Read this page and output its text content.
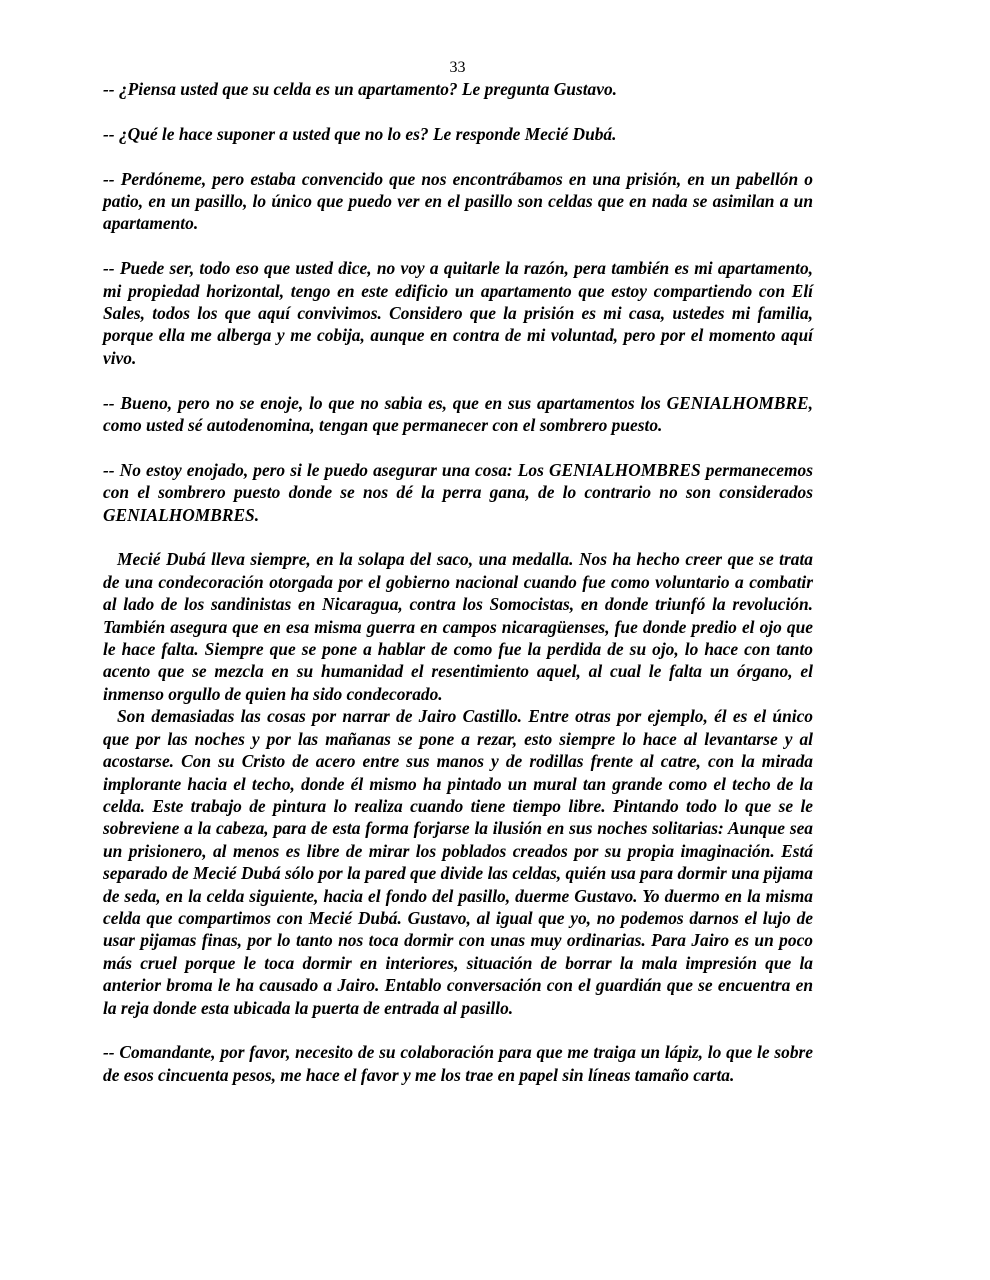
33

-- ¿Piensa usted que su celda es un apartamento? Le pregunta Gustavo.

-- ¿Qué le hace suponer a usted que no lo es? Le responde Mecié Dubá.

-- Perdóneme, pero estaba convencido que nos encontrábamos en una prisión, en un pabellón o patio, en un pasillo, lo único que puedo ver en el pasillo son celdas que en nada se asimilan a un apartamento.

-- Puede ser, todo eso que usted dice, no voy a quitarle la razón, pera también es mi apartamento, mi propiedad horizontal, tengo en este edificio un apartamento que estoy compartiendo con Elí Sales, todos los que aquí convivimos. Considero que la prisión es mi casa, ustedes mi familia, porque ella me alberga y me cobija, aunque en contra de mi voluntad, pero por el momento aquí vivo.

-- Bueno, pero no se enoje, lo que no sabia es, que en sus apartamentos los GENIALHOMBRE, como usted sé autodenomina, tengan que permanecer con el sombrero puesto.

-- No estoy enojado, pero si le puedo asegurar una cosa: Los GENIALHOMBRES permanecemos con el sombrero puesto donde se nos dé la perra gana, de lo contrario no son considerados GENIALHOMBRES.

Mecié Dubá lleva siempre, en la solapa del saco, una medalla. Nos ha hecho creer que se trata de una condecoración otorgada por el gobierno nacional cuando fue como voluntario a combatir al lado de los sandinistas en Nicaragua, contra los Somocistas, en donde triunfó la revolución. También asegura que en esa misma guerra en campos nicaragüenses, fue donde predio el ojo que le hace falta. Siempre que se pone a hablar de como fue la perdida de su ojo, lo hace con tanto acento que se mezcla en su humanidad el resentimiento aquel, al cual le falta un órgano, el inmenso orgullo de quien ha sido condecorado.

Son demasiadas las cosas por narrar de Jairo Castillo. Entre otras por ejemplo, él es el único que por las noches y por las mañanas se pone a rezar, esto siempre lo hace al levantarse y al acostarse. Con su Cristo de acero entre sus manos y de rodillas frente al catre, con la mirada implorante hacia el techo, donde él mismo ha pintado un mural tan grande como el techo de la celda. Este trabajo de pintura lo realiza cuando tiene tiempo libre. Pintando todo lo que se le sobreviene a la cabeza, para de esta forma forjarse la ilusión en sus noches solitarias: Aunque sea un prisionero, al menos es libre de mirar los poblados creados por su propia imaginación. Está separado de Mecié Dubá sólo por la pared que divide las celdas, quién usa para dormir una pijama de seda, en la celda siguiente, hacia el fondo del pasillo, duerme Gustavo. Yo duermo en la misma celda que compartimos con Mecié Dubá. Gustavo, al igual que yo, no podemos darnos el lujo de usar pijamas finas, por lo tanto nos toca dormir con unas muy ordinarias. Para Jairo es un poco más cruel porque le toca dormir en interiores, situación de borrar la mala impresión que la anterior broma le ha causado a Jairo. Entablo conversación con el guardián que se encuentra en la reja donde esta ubicada la puerta de entrada al pasillo.

-- Comandante, por favor, necesito de su colaboración para que me traiga un lápiz, lo que le sobre de esos cincuenta pesos, me hace el favor y me los trae en papel sin líneas tamaño carta.
